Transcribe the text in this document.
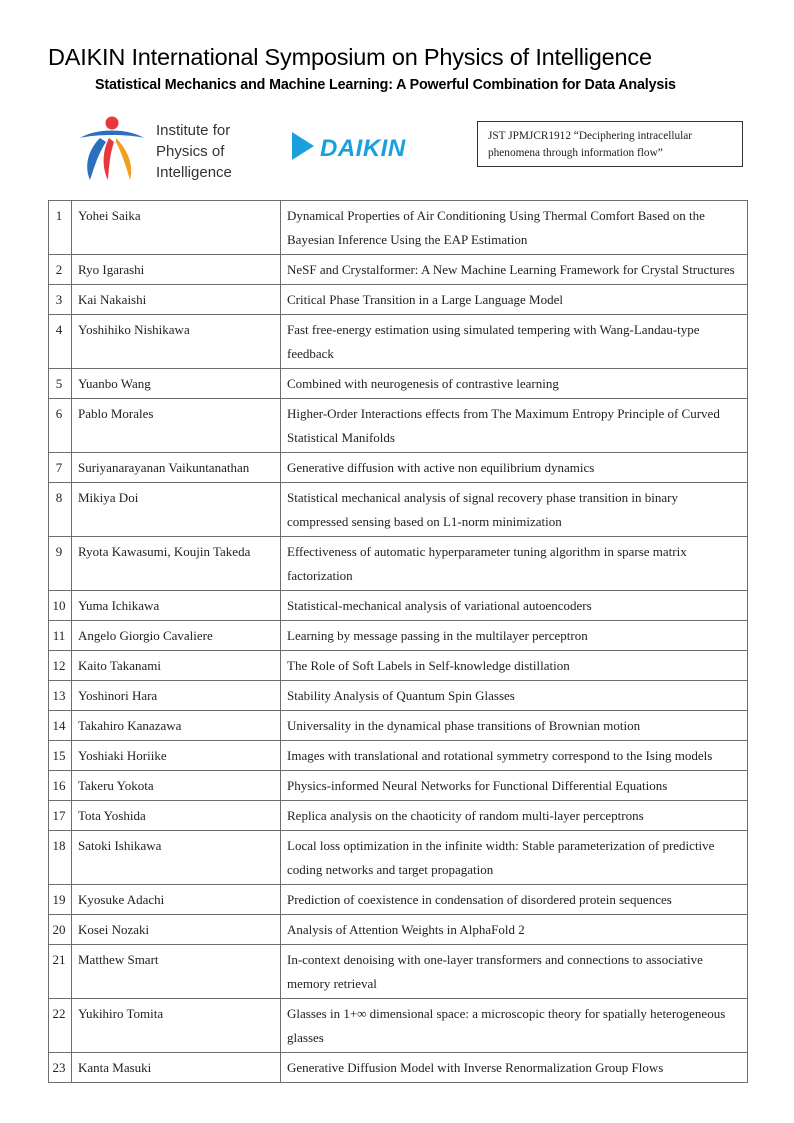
DAIKIN International Symposium on Physics of Intelligence
Statistical Mechanics and Machine Learning: A Powerful Combination for Data Analysis
Institute for
Physics of
Intelligence
DAIKIN	JST JPMJCR1912 “Deciphering intracellular
phenomena through information flow”
1	Yohei Saika	Dynamical Properties of Air Conditioning Using Thermal Comfort Based on the Bayesian Inference Using the EAP Estimation
2	Ryo Igarashi	NeSF and Crystalformer: A New Machine Learning Framework for Crystal Structures
3	Kai Nakaishi	Critical Phase Transition in a Large Language Model
4	Yoshihiko Nishikawa	Fast free-energy estimation using simulated tempering with Wang-Landau-type feedback
5	Yuanbo Wang	Combined with neurogenesis of contrastive learning
6	Pablo Morales	Higher-Order Interactions effects from The Maximum Entropy Principle of Curved Statistical Manifolds
7	Suriyanarayanan Vaikuntanathan	Generative diffusion with active non equilibrium dynamics
8	Mikiya Doi	Statistical mechanical analysis of signal recovery phase transition in binary compressed sensing based on L1-norm minimization
9	Ryota Kawasumi, Koujin Takeda	Effectiveness of automatic hyperparameter tuning algorithm in sparse matrix factorization
10	Yuma Ichikawa	Statistical-mechanical analysis of variational autoencoders
11	Angelo Giorgio Cavaliere	Learning by message passing in the multilayer perceptron
12	Kaito Takanami	The Role of Soft Labels in Self-knowledge distillation
13	Yoshinori Hara	Stability Analysis of Quantum Spin Glasses
14	Takahiro Kanazawa	Universality in the dynamical phase transitions of Brownian motion
15	Yoshiaki Horiike	Images with translational and rotational symmetry correspond to the Ising models
16	Takeru Yokota	Physics-informed Neural Networks for Functional Differential Equations
17	Tota Yoshida	Replica analysis on the chaoticity of random multi-layer perceptrons
18	Satoki Ishikawa	Local loss optimization in the infinite width: Stable parameterization of predictive coding networks and target propagation
19	Kyosuke Adachi	Prediction of coexistence in condensation of disordered protein sequences
20	Kosei Nozaki	Analysis of Attention Weights in AlphaFold 2
21	Matthew Smart	In-context denoising with one-layer transformers and connections to associative memory retrieval
22	Yukihiro Tomita	Glasses in 1+∞ dimensional space: a microscopic theory for spatially heterogeneous glasses
23	Kanta Masuki	Generative Diffusion Model with Inverse Renormalization Group Flows
